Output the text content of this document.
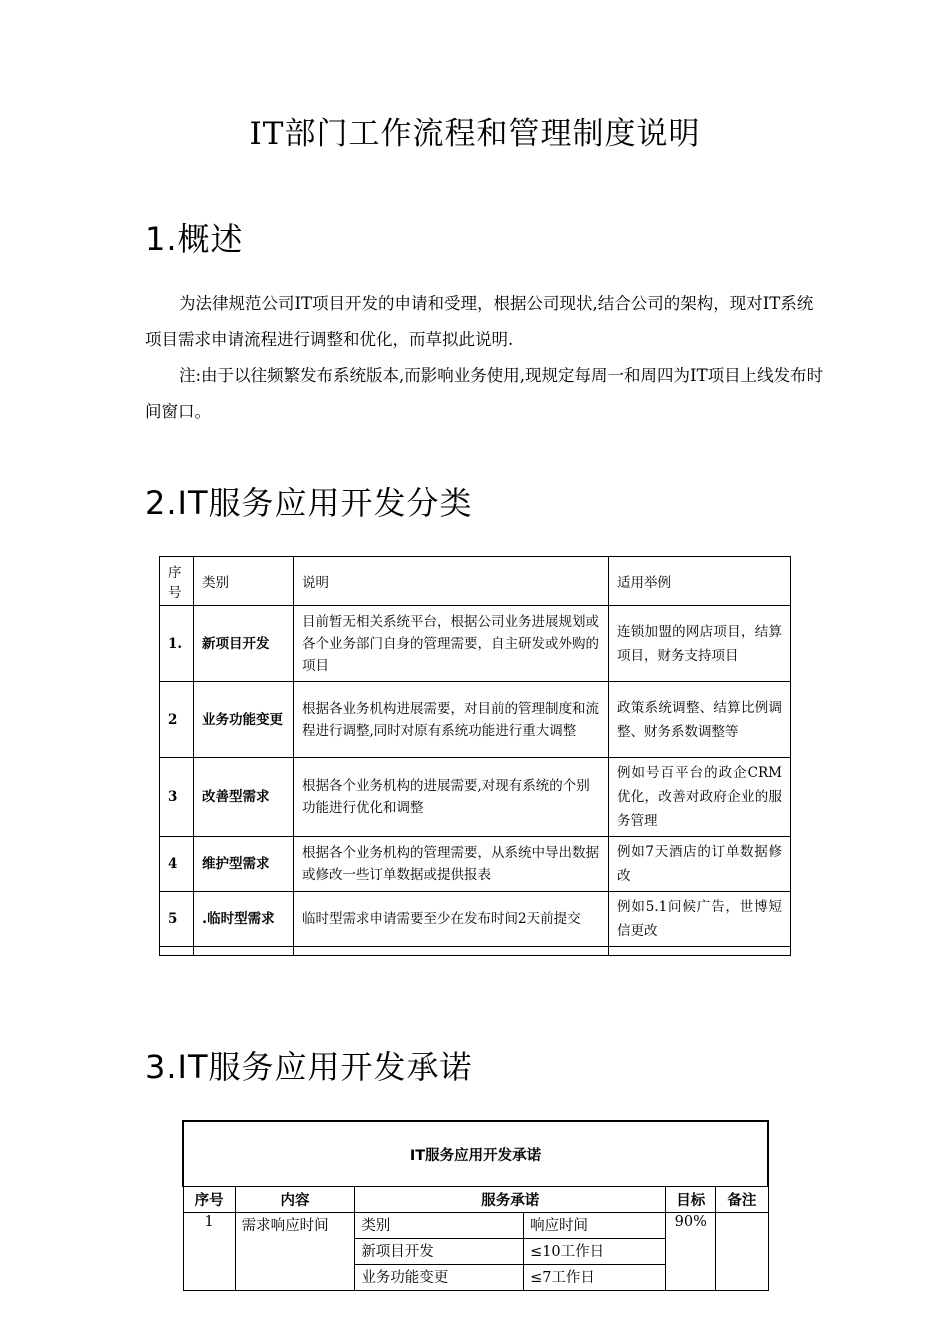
IT部门工作流程和管理制度说明
1.概述
为法律规范公司IT项目开发的申请和受理，根据公司现状,结合公司的架构，现对IT系统项目需求申请流程进行调整和优化，而草拟此说明.
注:由于以往频繁发布系统版本,而影响业务使用,现规定每周一和周四为IT项目上线发布时间窗口。
2.IT服务应用开发分类
序号	类别	说明	适用举例
1.	新项目开发	目前暂无相关系统平台，根据公司业务进展规划或各个业务部门自身的管理需要，自主研发或外购的项目	连锁加盟的网店项目，结算项目，财务支持项目
2	业务功能变更	根据各业务机构进展需要，对目前的管理制度和流程进行调整,同时对原有系统功能进行重大调整	政策系统调整、结算比例调整、财务系数调整等
3	改善型需求	根据各个业务机构的进展需要,对现有系统的个别功能进行优化和调整	例如号百平台的政企CRM优化，改善对政府企业的服务管理
4	维护型需求	根据各个业务机构的管理需要，从系统中导出数据或修改一些订单数据或提供报表	例如7天酒店的订单数据修改
5	.临时型需求	临时型需求申请需要至少在发布时间2天前提交	例如5.1问候广告，世博短信更改

3.IT服务应用开发承诺
IT服务应用开发承诺					
序号	内容	服务承诺		目标	备注
1	需求响应时间	类别	响应时间	90%	
		新项目开发	≤10工作日		
		业务功能变更	≤7工作日		
